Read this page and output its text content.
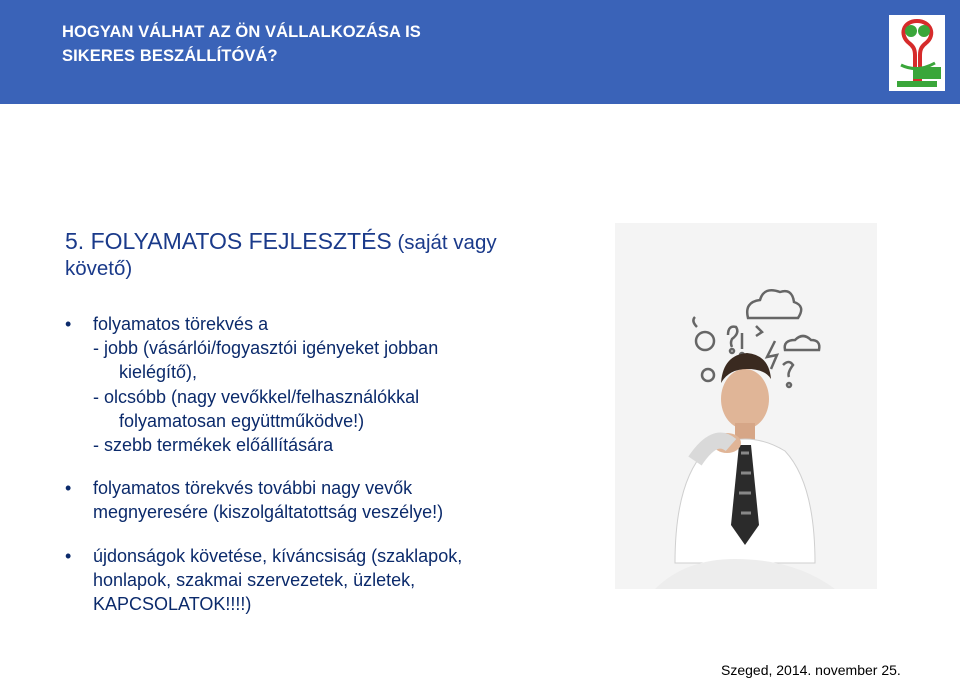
HOGYAN VÁLHAT AZ ÖN VÁLLALKOZÁSA IS
SIKERES BESZÁLLÍTÓVÁ?
5. FOLYAMATOS FEJLESZTÉS (saját vagy
követő)
• folyamatos törekvés a
- jobb (vásárlói/fogyasztói igényeket jobban
kielégítő),
- olcsóbb (nagy vevőkkel/felhasználókkal
folyamatosan együttműködve!)
- szebb termékek előállítására
• folyamatos törekvés további nagy vevők
megnyeresére (kiszolgáltatottság veszélye!)
• újdonságok követése, kíváncsiság (szaklapok,
honlapok, szakmai szervezetek, üzletek,
KAPCSOLATOK!!!!)
Szeged, 2014. november 25.
